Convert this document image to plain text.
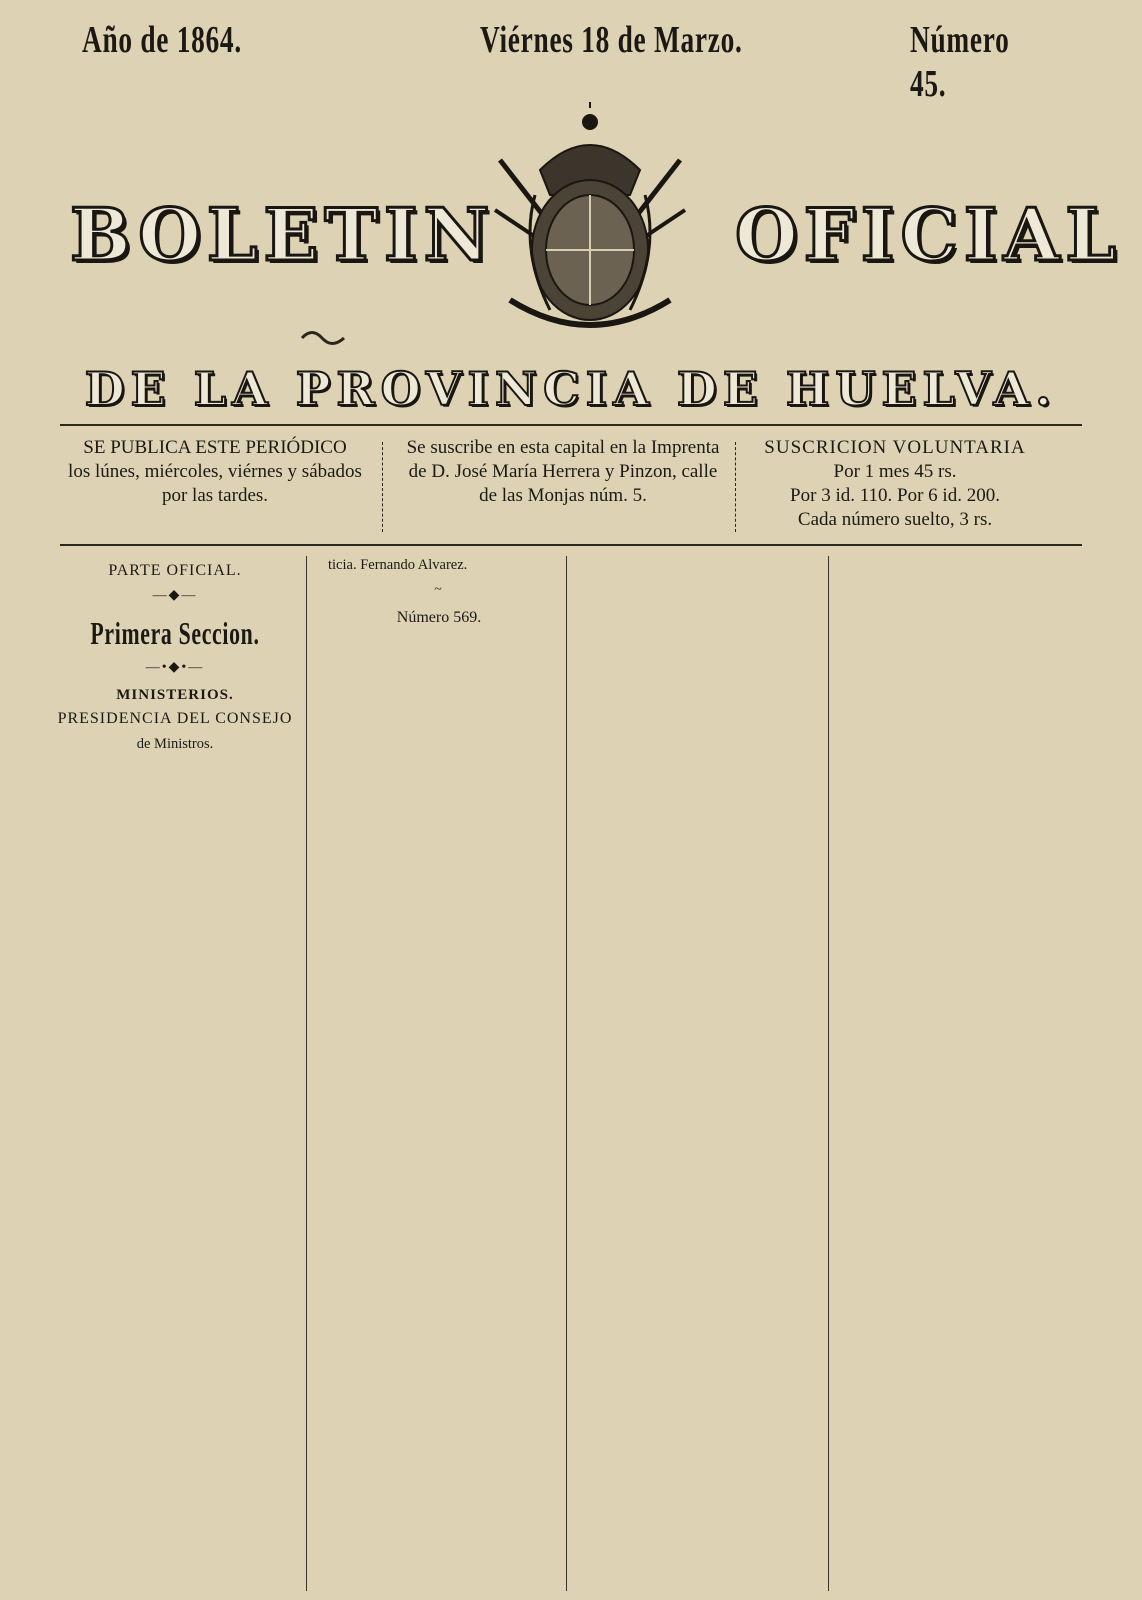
Año de 1864.	Viérnes 18 de Marzo.	Número 45.
BOLETIN	OFICIAL
DE LA PROVINCIA DE HUELVA.
SE PUBLICA ESTE PERIÓDICO
los lúnes, miércoles, viérnes y sábados
por las tardes.
Se suscribe en esta capital en la Imprenta
de D. José María Herrera y Pinzon, calle
de las Monjas núm. 5.
SUSCRICION VOLUNTARIA
Por 1 mes 45 rs.
Por 3 id. 110. Por 6 id. 200.
Cada número suelto, 3 rs.
PARTE OFICIAL.
—◆—
Primera Seccion.
—•◆•—
MINISTERIOS.
PRESIDENCIA DEL CONSEJO
de Ministros.

ticia. Fernando Alvarez.

~
Número 569.
